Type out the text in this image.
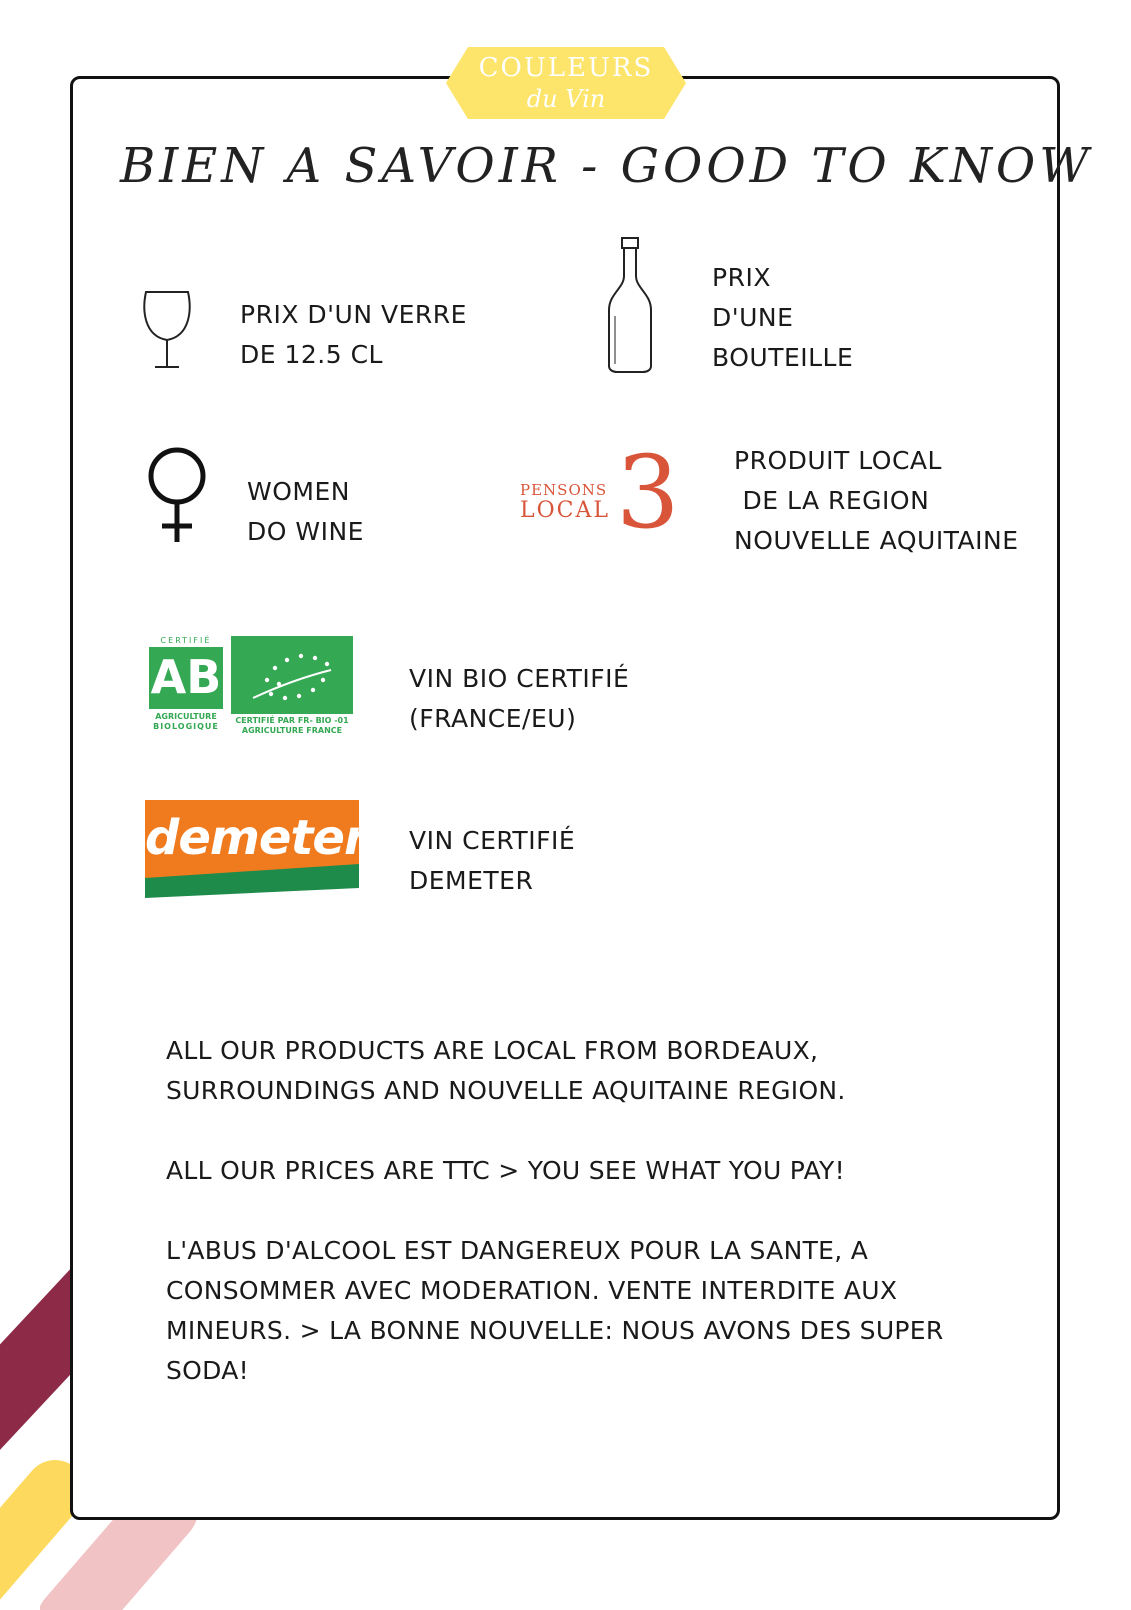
COULEURS
du Vin
BIEN A SAVOIR - GOOD TO KNOW
PRIX D'UN VERRE
DE 12.5 CL
PRIX
D'UNE
BOUTEILLE
WOMEN
DO WINE
PENSONS
LOCAL 3 PRODUIT LOCAL
DE LA REGION
NOUVELLE AQUITAINE
CERTIFIÉ
AB
AGRICULTURE
BIOLOGIQUE
CERTIFIÉ PAR FR- BIO -01
AGRICULTURE FRANCE
VIN BIO CERTIFIÉ
(FRANCE/EU)
demeter VIN CERTIFIÉ
DEMETER
ALL OUR PRODUCTS ARE LOCAL FROM BORDEAUX,
SURROUNDINGS AND NOUVELLE AQUITAINE REGION.
ALL OUR PRICES ARE TTC > YOU SEE WHAT YOU PAY!
L'ABUS D'ALCOOL EST DANGEREUX POUR LA SANTE, A
CONSOMMER AVEC MODERATION. VENTE INTERDITE AUX
MINEURS. > LA BONNE NOUVELLE: NOUS AVONS DES SUPER
SODA!
